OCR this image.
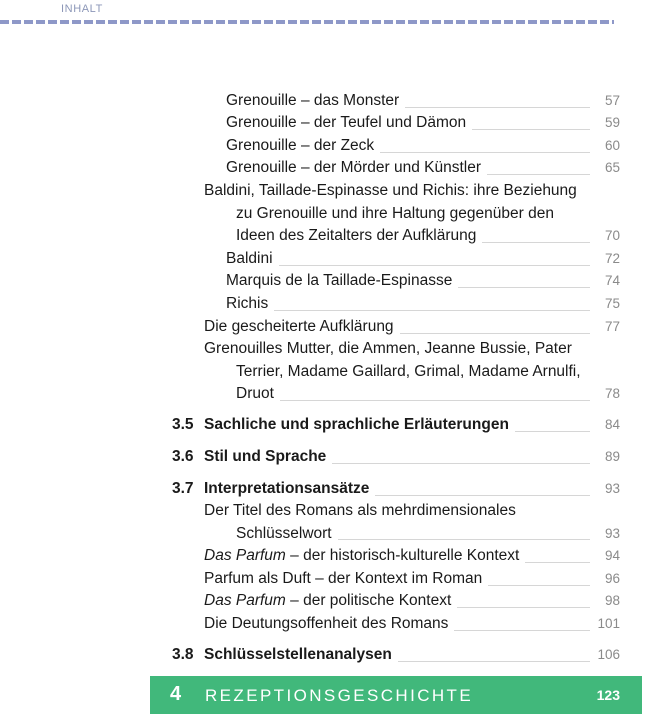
INHALT
Grenouille – das Monster	57
Grenouille – der Teufel und Dämon	59
Grenouille – der Zeck	60
Grenouille – der Mörder und Künstler	65
Baldini, Taillade-Espinasse und Richis: ihre Beziehung
zu Grenouille und ihre Haltung gegenüber den
Ideen des Zeitalters der Aufklärung	70
Baldini	72
Marquis de la Taillade-Espinasse	74
Richis	75
Die gescheiterte Aufklärung	77
Grenouilles Mutter, die Ammen, Jeanne Bussie, Pater
Terrier, Madame Gaillard, Grimal, Madame Arnulfi,
Druot	78
3.5 Sachliche und sprachliche Erläuterungen	84
3.6 Stil und Sprache	89
3.7 Interpretationsansätze	93
Der Titel des Romans als mehrdimensionales
Schlüsselwort	93
Das Parfum – der historisch-kulturelle Kontext	94
Parfum als Duft – der Kontext im Roman	96
Das Parfum – der politische Kontext	98
Die Deutungsoffenheit des Romans	101
3.8 Schlüsselstellenanalysen	106
4 REZEPTIONSGESCHICHTE	123
